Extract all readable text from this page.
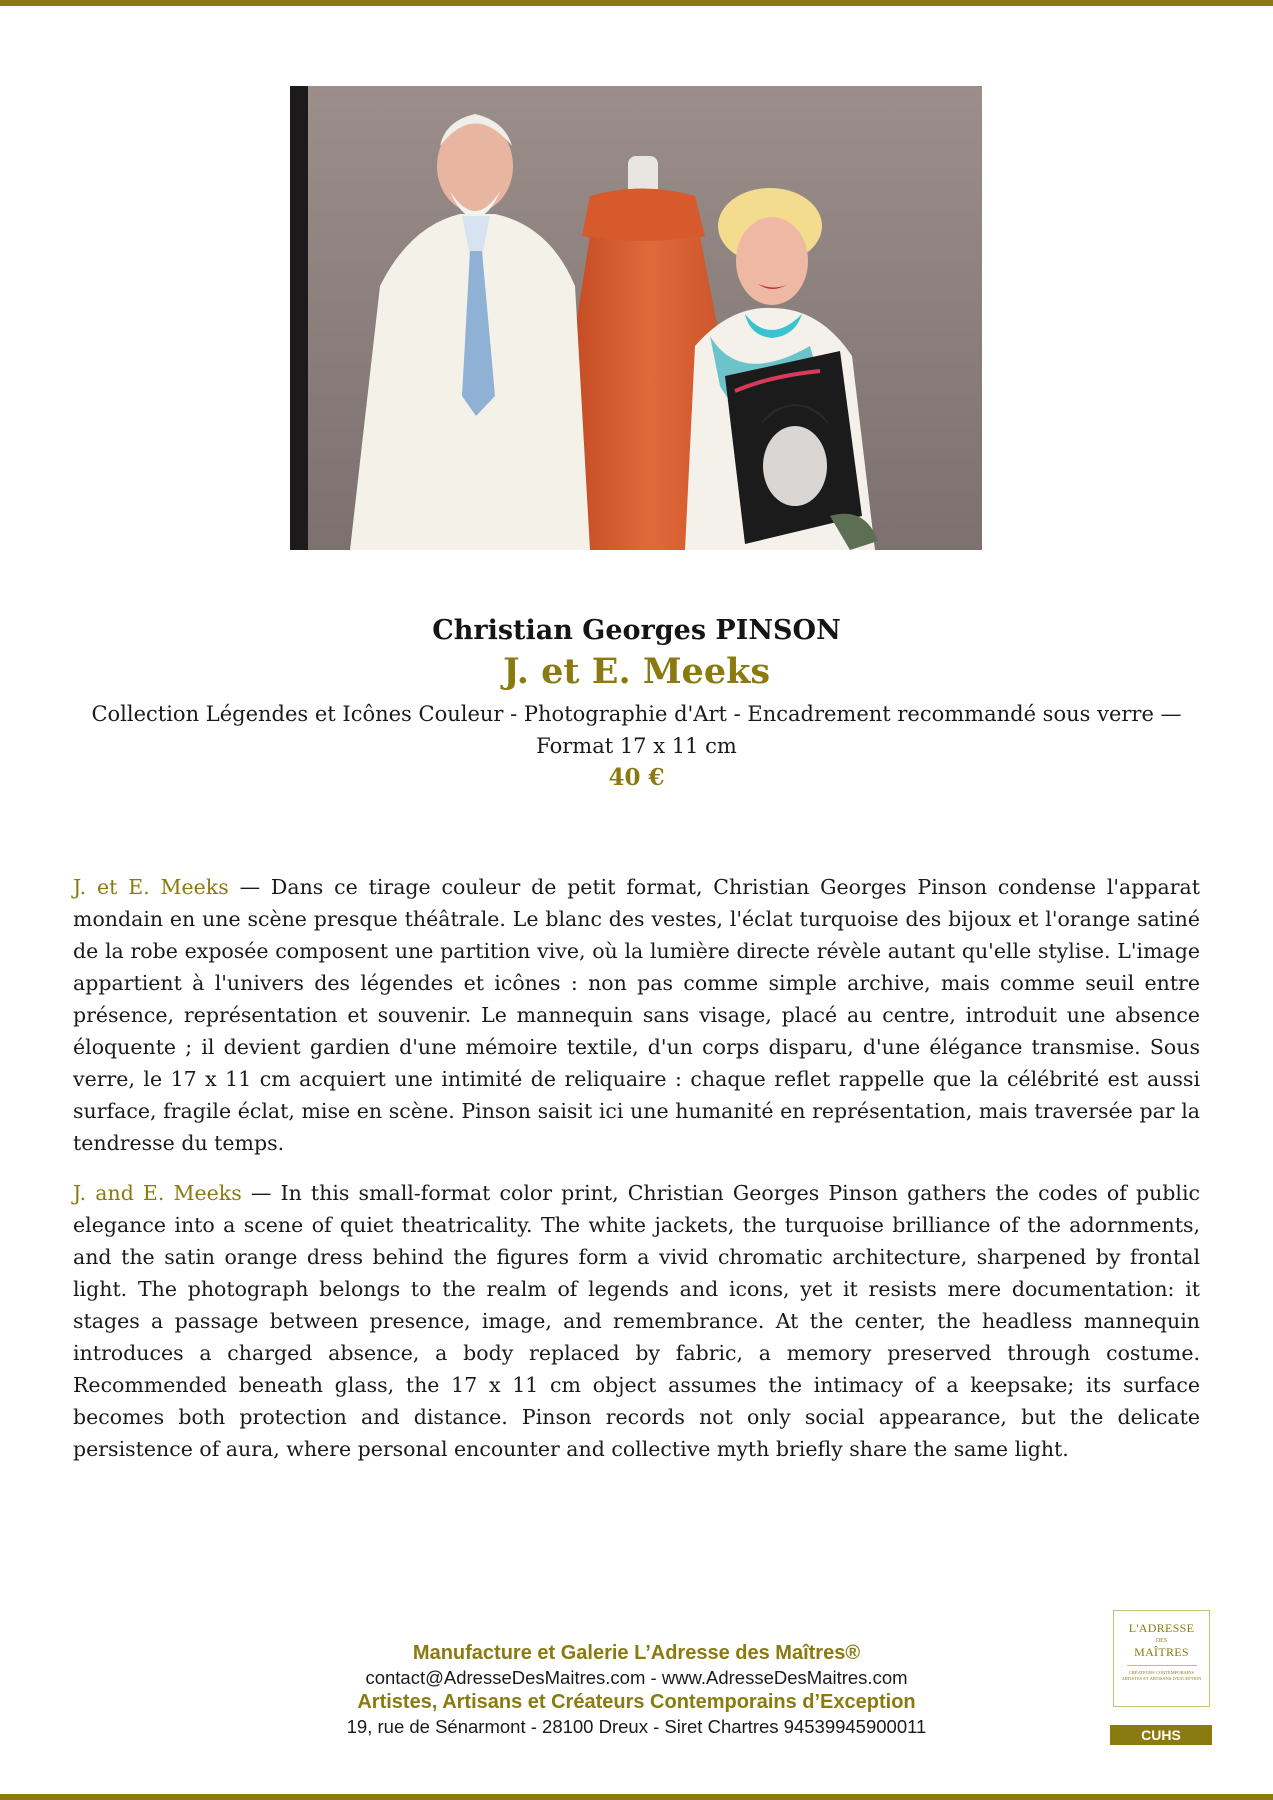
Christian Georges PINSON
J. et E. Meeks
Collection Légendes et Icônes Couleur - Photographie d'Art - Encadrement recommandé sous verre — Format 17 x 11 cm
40 €

J. et E. Meeks — Dans ce tirage couleur de petit format, Christian Georges Pinson condense l'apparat mondain en une scène presque théâtrale. Le blanc des vestes, l'éclat turquoise des bijoux et l'orange satiné de la robe exposée composent une partition vive, où la lumière directe révèle autant qu'elle stylise. L'image appartient à l'univers des légendes et icônes : non pas comme simple archive, mais comme seuil entre présence, représentation et souvenir. Le mannequin sans visage, placé au centre, introduit une absence éloquente ; il devient gardien d'une mémoire textile, d'un corps disparu, d'une élégance transmise. Sous verre, le 17 x 11 cm acquiert une intimité de reliquaire : chaque reflet rappelle que la célébrité est aussi surface, fragile éclat, mise en scène. Pinson saisit ici une humanité en représentation, mais traversée par la tendresse du temps.

J. and E. Meeks — In this small-format color print, Christian Georges Pinson gathers the codes of public elegance into a scene of quiet theatricality. The white jackets, the turquoise brilliance of the adornments, and the satin orange dress behind the figures form a vivid chromatic architecture, sharpened by frontal light. The photograph belongs to the realm of legends and icons, yet it resists mere documentation: it stages a passage between presence, image, and remembrance. At the center, the headless mannequin introduces a charged absence, a body replaced by fabric, a memory preserved through costume. Recommended beneath glass, the 17 x 11 cm object assumes the intimacy of a keepsake; its surface becomes both protection and distance. Pinson records not only social appearance, but the delicate persistence of aura, where personal encounter and collective myth briefly share the same light.

Manufacture et Galerie L’Adresse des Maîtres®
contact@AdresseDesMaitres.com - www.AdresseDesMaitres.com
Artistes, Artisans et Créateurs Contemporains d’Exception
19, rue de Sénarmont - 28100 Dreux - Siret Chartres 94539945900011
L'ADRESSE
DES
MAÎTRES
CRÉATEURS CONTEMPORAINS ARTISTES ET ARTISANS D'EXCEPTION
CUHS
